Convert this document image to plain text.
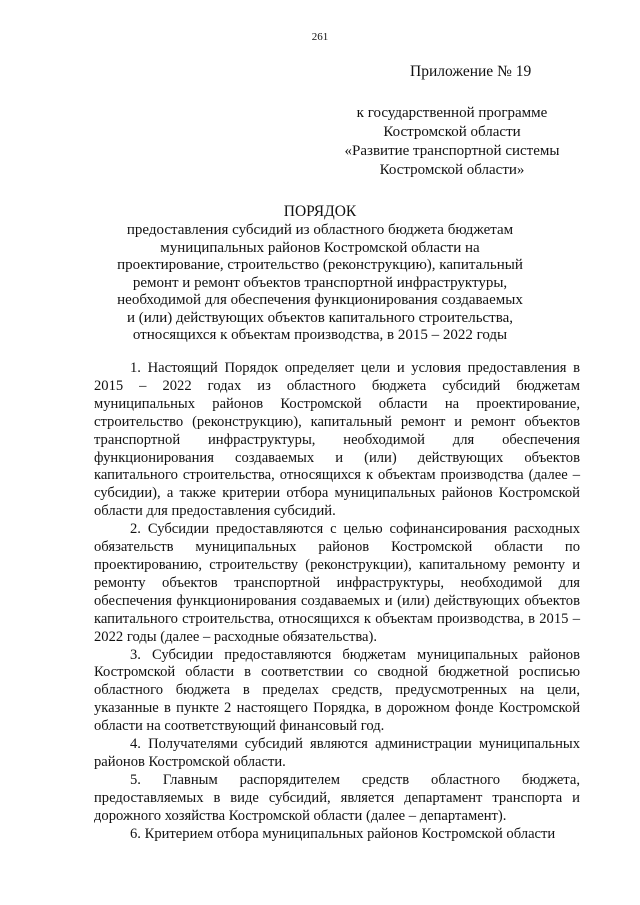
261
Приложение № 19
к государственной программе
Костромской области
«Развитие транспортной системы
Костромской области»
ПОРЯДОК
предоставления субсидий из областного бюджета бюджетам
муниципальных районов Костромской области на
проектирование, строительство (реконструкцию), капитальный
ремонт и ремонт объектов транспортной инфраструктуры,
необходимой для обеспечения функционирования создаваемых
и (или) действующих объектов капитального строительства,
относящихся к объектам производства, в 2015 – 2022 годы

1. Настоящий Порядок определяет цели и условия предоставления в 2015 – 2022 годах из областного бюджета субсидий бюджетам муниципальных районов Костромской области на проектирование, строительство (реконструкцию), капитальный ремонт и ремонт объектов транспортной инфраструктуры, необходимой для обеспечения функционирования создаваемых и (или) действующих объектов капитального строительства, относящихся к объектам производства (далее – субсидии), а также критерии отбора муниципальных районов Костромской области для предоставления субсидий.

2. Субсидии предоставляются с целью софинансирования расходных обязательств муниципальных районов Костромской области по проектированию, строительству (реконструкции), капитальному ремонту и ремонту объектов транспортной инфраструктуры, необходимой для обеспечения функционирования создаваемых и (или) действующих объектов капитального строительства, относящихся к объектам производства, в 2015 – 2022 годы (далее – расходные обязательства).

3. Субсидии предоставляются бюджетам муниципальных районов Костромской области в соответствии со сводной бюджетной росписью областного бюджета в пределах средств, предусмотренных на цели, указанные в пункте 2 настоящего Порядка, в дорожном фонде Костромской области на соответствующий финансовый год.

4. Получателями субсидий являются администрации муниципальных районов Костромской области.

5. Главным распорядителем средств областного бюджета, предоставляемых в виде субсидий, является департамент транспорта и дорожного хозяйства Костромской области (далее – департамент).

6. Критерием отбора муниципальных районов Костромской области
